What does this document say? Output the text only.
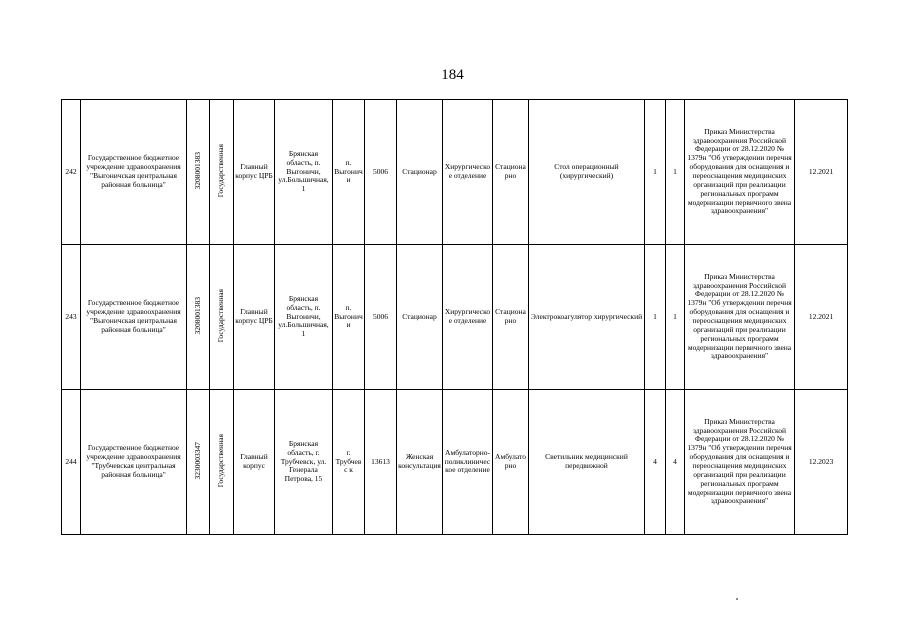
184
242	Государственное бюджетное учреждение здравоохранения "Выгоничская центральная районная больница"	3208001383	Государственная	Главный корпус ЦРБ	Брянская область, п. Выгоничи, ул.Большичная, 1	п. Выгонич и	5006	Стационар	Хирургическое отделение	Стационарно	Стол операционный (хирургический)	1	1	Приказ Министерства здравоохранения Российской Федерации от 28.12.2020 № 1379н "Об утверждении перечня оборудования для оснащения и переоснащения медицинских организаций при реализации региональных программ модернизации первичного звена здравоохранения"	12.2021
243	Государственное бюджетное учреждение здравоохранения "Выгоничская центральная районная больница"	3208001383	Государственная	Главный корпус ЦРБ	Брянская область, п. Выгоничи, ул.Большичная, 1	п. Выгонич и	5006	Стационар	Хирургическое отделение	Стационарно	Электрокоагулятор хирургический	1	1	Приказ Министерства здравоохранения Российской Федерации от 28.12.2020 № 1379н "Об утверждении перечня оборудования для оснащения и переоснащения медицинских организаций при реализации региональных программ модернизации первичного звена здравоохранения"	12.2021
244	Государственное бюджетное учреждение здравоохранения "Трубчевская центральная районная больница"	3230003347	Государственная	Главный корпус	Брянская область, г. Трубчевск, ул. Генерала Петрова, 15	г. Трубчевс к	13613	Женская консультация	Амбулаторно-поликлиническое отделение	Амбулаторно	Светильник медицинский передвижной	4	4	Приказ Министерства здравоохранения Российской Федерации от 28.12.2020 № 1379н "Об утверждении перечня оборудования для оснащения и переоснащения медицинских организаций при реализации региональных программ модернизации первичного звена здравоохранения"	12.2023
